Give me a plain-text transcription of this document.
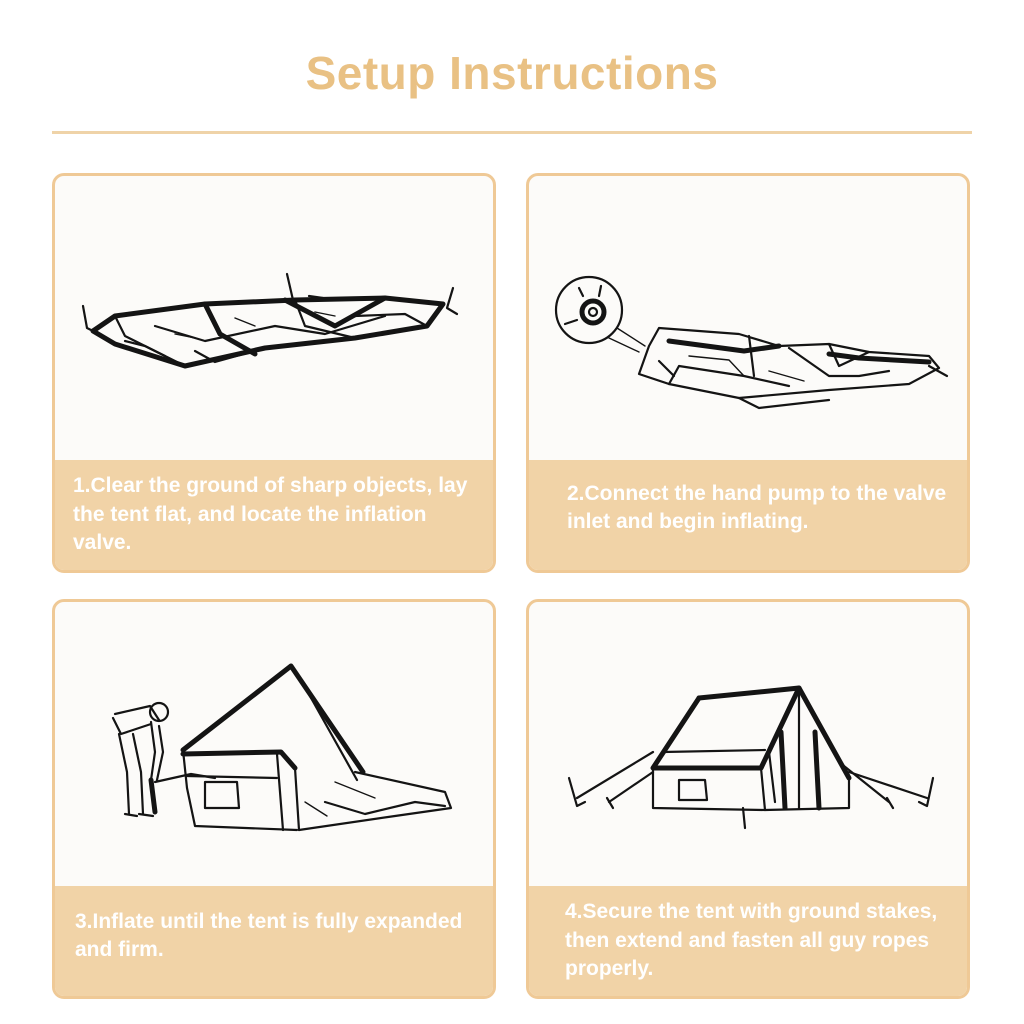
Setup Instructions
1.Clear the ground of sharp objects, lay the tent flat, and locate the inflation valve.
2.Connect the hand pump to the valve inlet and begin inflating.
3.Inflate until the tent is fully expanded and firm.
4.Secure the tent with ground stakes, then extend and fasten all guy ropes properly.
